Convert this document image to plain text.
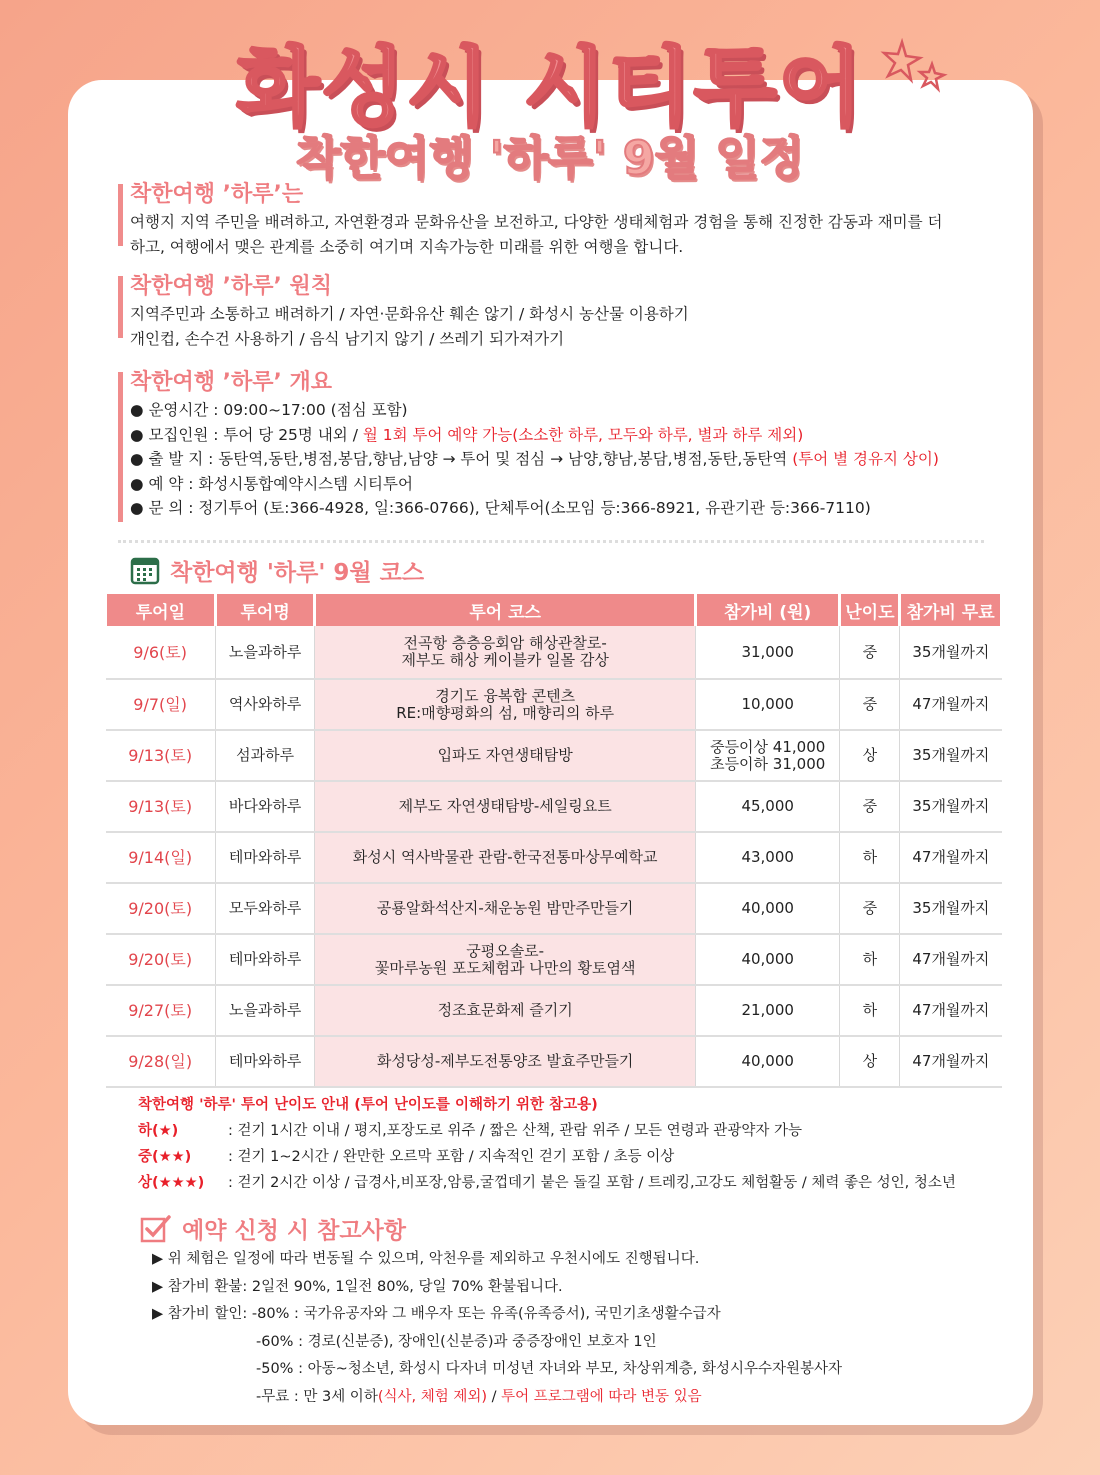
화성시 시티투어
착한여행 '하루' 9월 일정
착한여행 ’하루’는
여행지 지역 주민을 배려하고, 자연환경과 문화유산을 보전하고, 다양한 생태체험과 경험을 통해 진정한 감동과 재미를 더
하고, 여행에서 맺은 관계를 소중히 여기며 지속가능한 미래를 위한 여행을 합니다.
착한여행 ’하루’ 원칙
지역주민과 소통하고 배려하기 / 자연·문화유산 훼손 않기 / 화성시 농산물 이용하기
개인컵, 손수건 사용하기 / 음식 남기지 않기 / 쓰레기 되가져가기
착한여행 ’하루’ 개요
● 운영시간 : 09:00~17:00 (점심 포함)
● 모집인원 : 투어 당 25명 내외 / 월 1회 투어 예약 가능(소소한 하루, 모두와 하루, 별과 하루 제외)
● 출 발 지 : 동탄역,동탄,병점,봉담,향남,남양 → 투어 및 점심 → 남양,향남,봉담,병점,동탄,동탄역 (투어 별 경유지 상이)
● 예 약 : 화성시통합예약시스템 시티투어
● 문 의 : 정기투어 (토:366-4928, 일:366-0766), 단체투어(소모임 등:366-8921, 유관기관 등:366-7110)
착한여행 '하루' 9월 코스
투어일	투어명	투어 코스	참가비 (원)	난이도	참가비 무료
9/6(토)	노을과하루	전곡항 층층응회암 해상관찰로-
제부도 해상 케이블카 일몰 감상	31,000	중	35개월까지
9/7(일)	역사와하루	경기도 융복합 콘텐츠
RE:매향평화의 섬, 매향리의 하루	10,000	중	47개월까지
9/13(토)	섬과하루	입파도 자연생태탐방	중등이상 41,000
초등이하 31,000	상	35개월까지
9/13(토)	바다와하루	제부도 자연생태탐방-세일링요트	45,000	중	35개월까지
9/14(일)	테마와하루	화성시 역사박물관 관람-한국전통마상무예학교	43,000	하	47개월까지
9/20(토)	모두와하루	공룡알화석산지-채운농원 밤만주만들기	40,000	중	35개월까지
9/20(토)	테마와하루	궁평오솔로-
꽃마루농원 포도체험과 나만의 황토염색	40,000	하	47개월까지
9/27(토)	노을과하루	정조효문화제 즐기기	21,000	하	47개월까지
9/28(일)	테마와하루	화성당성-제부도전통양조 발효주만들기	40,000	상	47개월까지
착한여행 '하루' 투어 난이도 안내 (투어 난이도를 이해하기 위한 참고용)
하(★)	: 걷기 1시간 이내 / 평지,포장도로 위주 / 짧은 산책, 관람 위주 / 모든 연령과 관광약자 가능
중(★★)	: 걷기 1~2시간 / 완만한 오르막 포함 / 지속적인 걷기 포함 / 초등 이상
상(★★★)	: 걷기 2시간 이상 / 급경사,비포장,암릉,굴껍데기 붙은 돌길 포함 / 트레킹,고강도 체험활동 / 체력 좋은 성인, 청소년
예약 신청 시 참고사항
▶ 위 체험은 일정에 따라 변동될 수 있으며, 악천우를 제외하고 우천시에도 진행됩니다.
▶ 참가비 환불: 2일전 90%, 1일전 80%, 당일 70% 환불됩니다.
▶ 참가비 할인: -80% : 국가유공자와 그 배우자 또는 유족(유족증서), 국민기초생활수급자
-60% : 경로(신분증), 장애인(신분증)과 중증장애인 보호자 1인
-50% : 아동~청소년, 화성시 다자녀 미성년 자녀와 부모, 차상위계층, 화성시우수자원봉사자
-무료 : 만 3세 이하(식사, 체험 제외) / 투어 프로그램에 따라 변동 있음
